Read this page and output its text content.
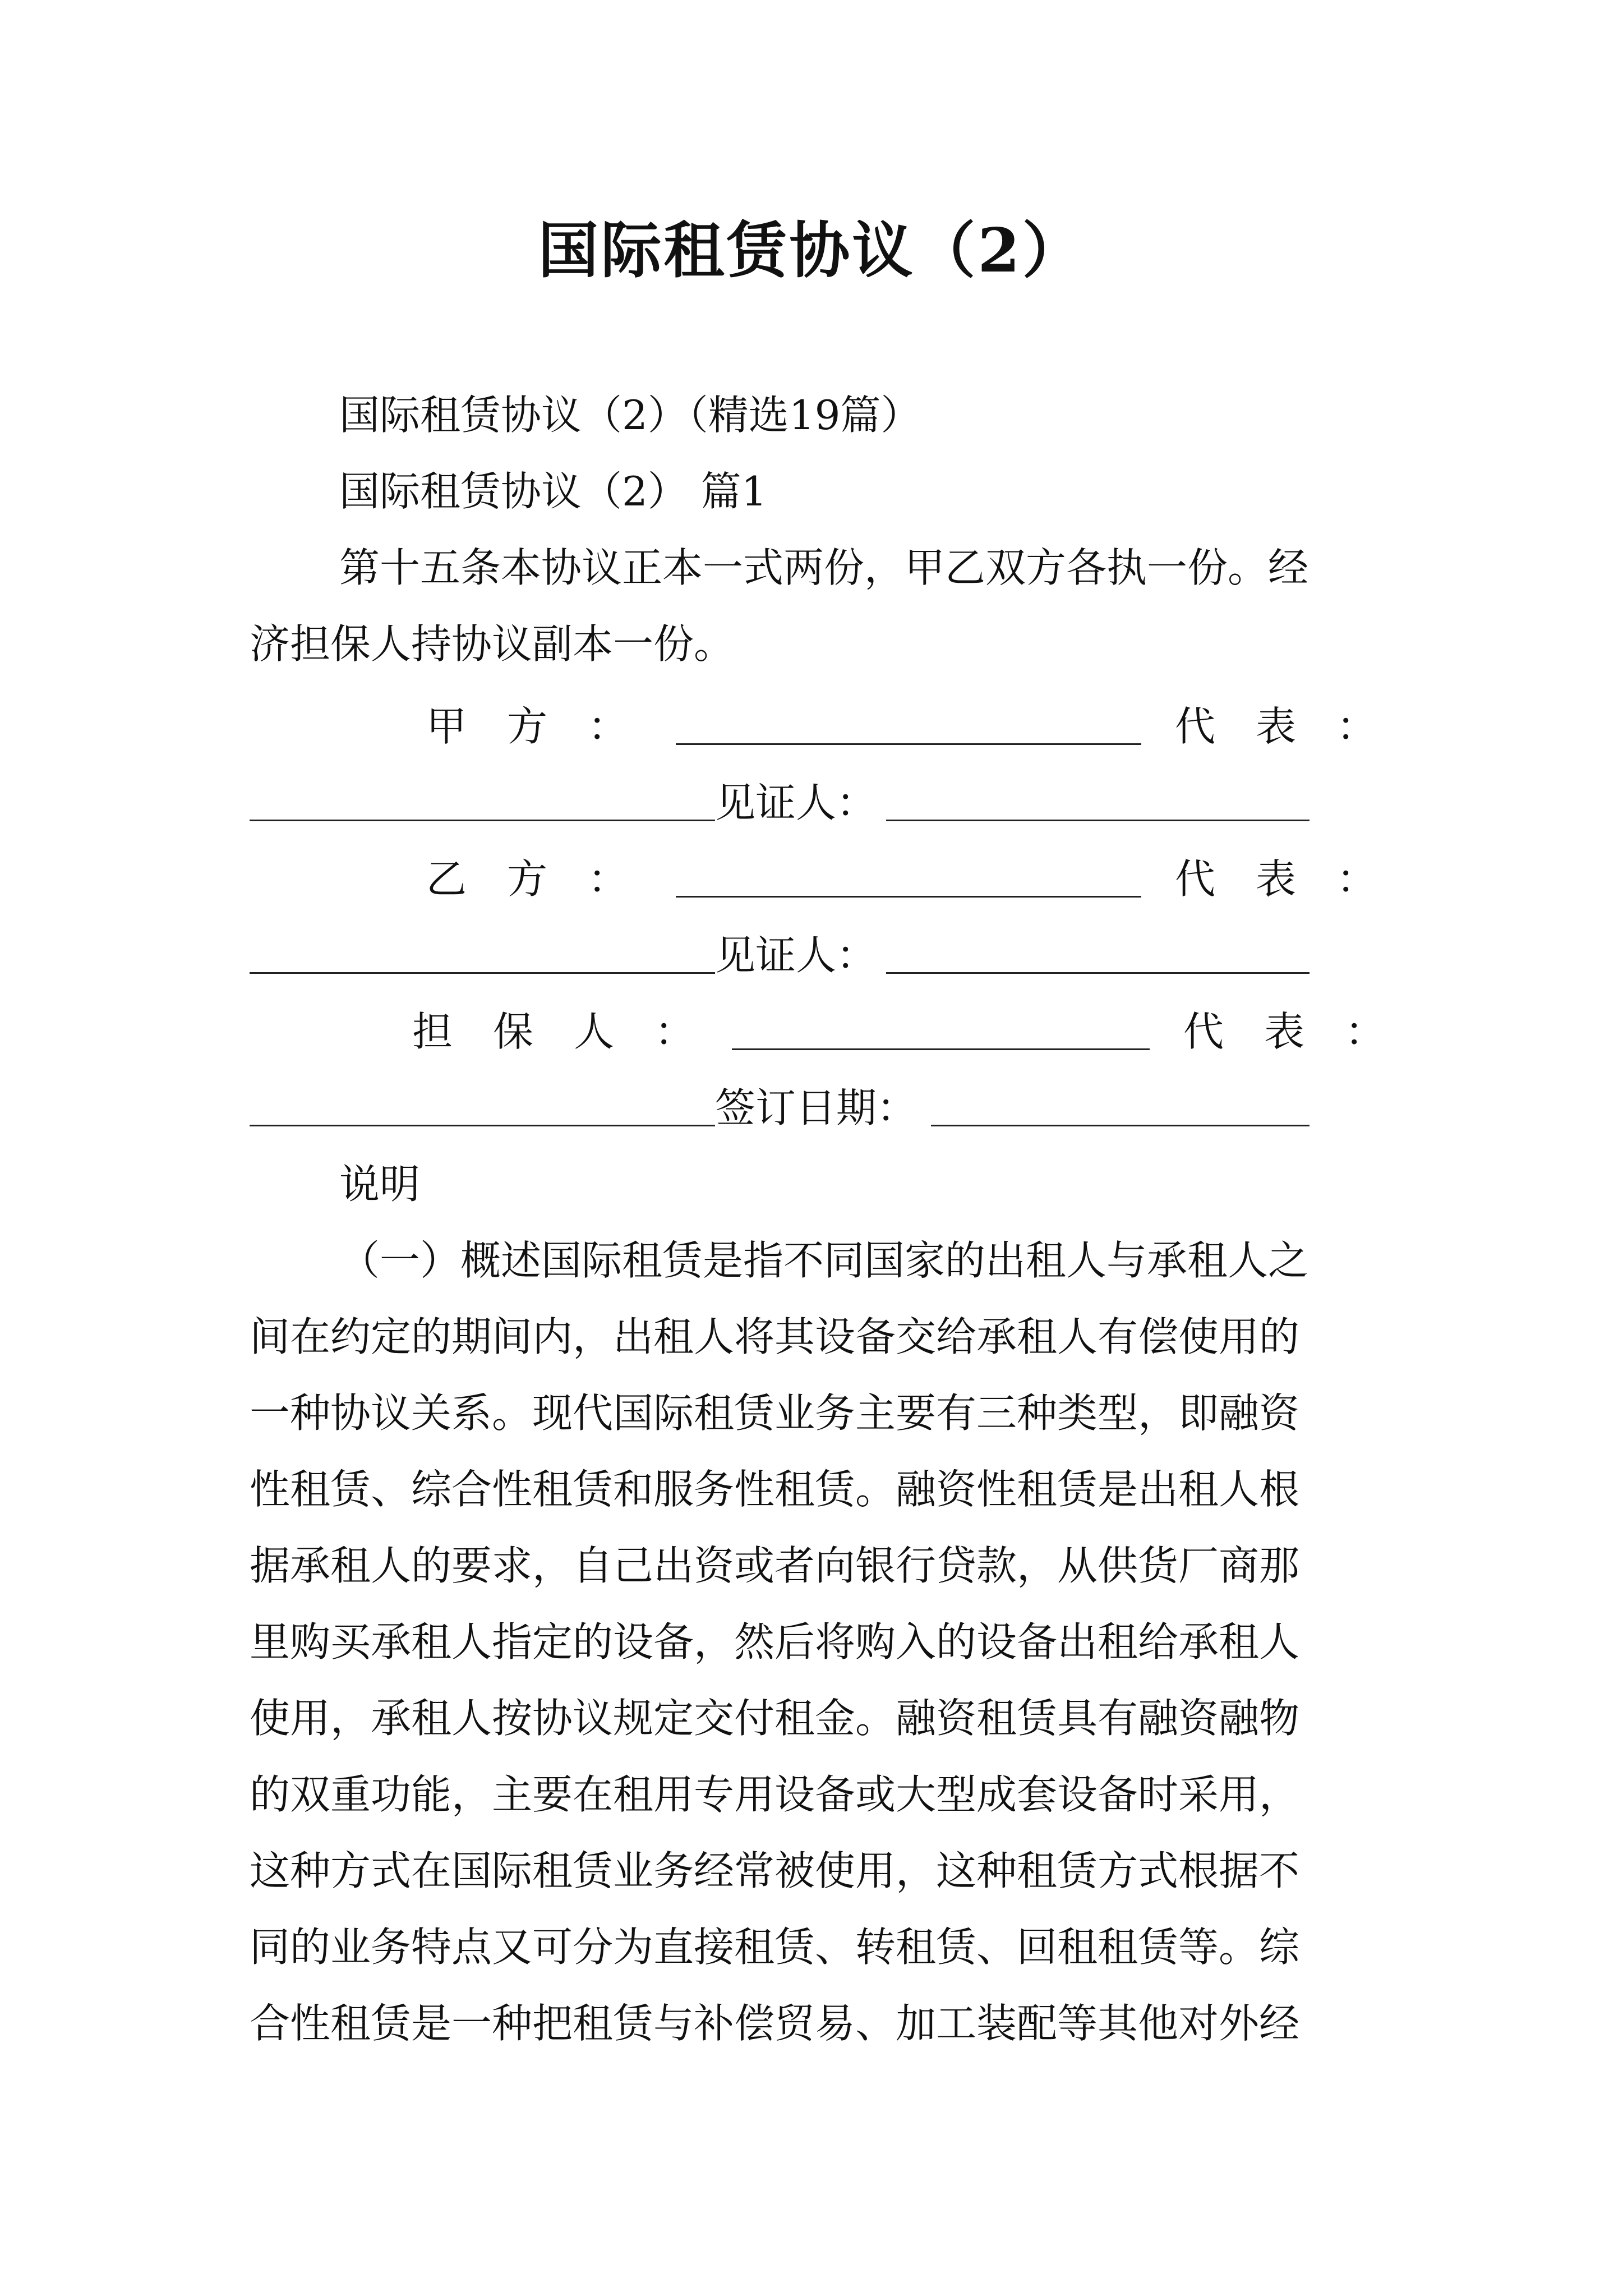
国际租赁协议（2）
国际租赁协议（2）（精选19篇）
国际租赁协议（2） 篇1
第十五条本协议正本一式两份，甲乙双方各执一份。经
济担保人持协议副本一份。
甲　方　：	代　表　：
见证人：
乙　方　：	代　表　：
见证人：
担　保　人　：	代　表　：
签订日期：
说明
（一）概述国际租赁是指不同国家的出租人与承租人之
间在约定的期间内，出租人将其设备交给承租人有偿使用的
一种协议关系。现代国际租赁业务主要有三种类型，即融资
性租赁、综合性租赁和服务性租赁。融资性租赁是出租人根
据承租人的要求，自己出资或者向银行贷款，从供货厂商那
里购买承租人指定的设备，然后将购入的设备出租给承租人
使用，承租人按协议规定交付租金。融资租赁具有融资融物
的双重功能，主要在租用专用设备或大型成套设备时采用，
这种方式在国际租赁业务经常被使用，这种租赁方式根据不
同的业务特点又可分为直接租赁、转租赁、回租租赁等。综
合性租赁是一种把租赁与补偿贸易、加工装配等其他对外经
